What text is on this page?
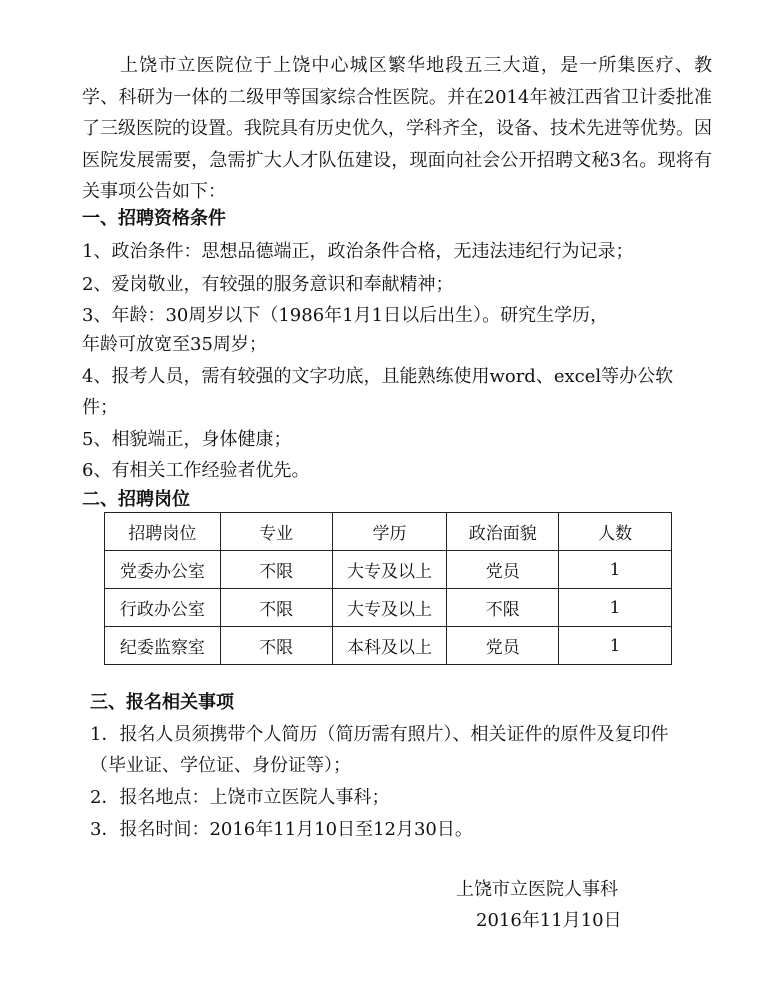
上饶市立医院位于上饶中心城区繁华地段五三大道，是一所集医疗、教学、科研为一体的二级甲等国家综合性医院。并在2014年被江西省卫计委批准了三级医院的设置。我院具有历史优久，学科齐全，设备、技术先进等优势。因医院发展需要，急需扩大人才队伍建设，现面向社会公开招聘文秘3名。现将有关事项公告如下：

一、招聘资格条件
1、政治条件：思想品德端正，政治条件合格，无违法违纪行为记录；
2、爱岗敬业，有较强的服务意识和奉献精神；
3、年龄：30周岁以下（1986年1月1日以后出生）。研究生学历，
年龄可放宽至35周岁；
4、报考人员，需有较强的文字功底，且能熟练使用word、excel等办公软
件；
5、相貌端正，身体健康；
6、有相关工作经验者优先。
二、招聘岗位
招聘岗位	专业	学历	政治面貌	人数
党委办公室	不限	大专及以上	党员	1
行政办公室	不限	大专及以上	不限	1
纪委监察室	不限	本科及以上	党员	1
三、报名相关事项
1．报名人员须携带个人简历（简历需有照片）、相关证件的原件及复印件
（毕业证、学位证、身份证等）；
2．报名地点：上饶市立医院人事科；
3．报名时间：2016年11月10日至12月30日。
上饶市立医院人事科
2016年11月10日
